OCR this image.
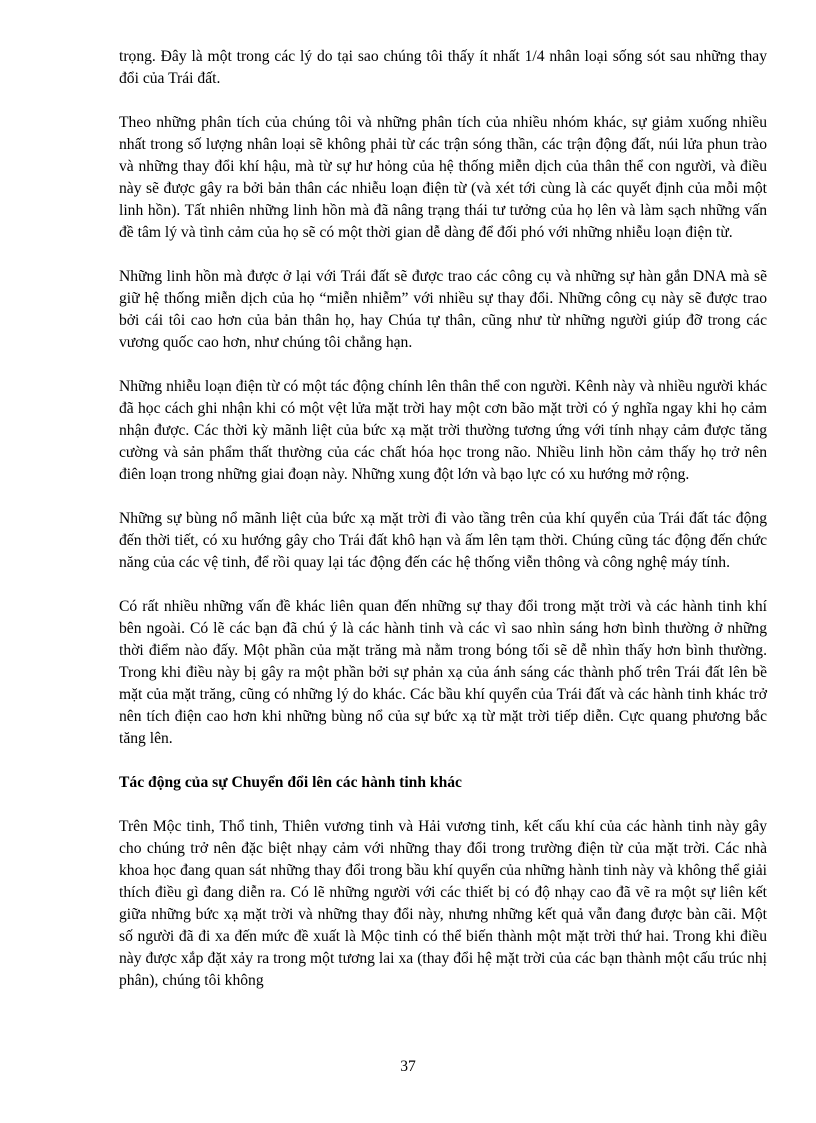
trọng. Đây là một trong các lý do tại sao chúng tôi thấy ít nhất 1/4 nhân loại sống sót sau những thay đổi của Trái đất.

Theo những phân tích của chúng tôi và những phân tích của nhiều nhóm khác, sự giảm xuống nhiều nhất trong số lượng nhân loại sẽ không phải từ các trận sóng thần, các trận động đất, núi lửa phun trào và những thay đổi khí hậu, mà từ sự hư hỏng của hệ thống miễn dịch của thân thể con người, và điều này sẽ được gây ra bởi bản thân các nhiễu loạn điện từ (và xét tới cùng là các quyết định của mỗi một linh hồn). Tất nhiên những linh hồn mà đã nâng trạng thái tư tưởng của họ lên và làm sạch những vấn đề tâm lý và tình cảm của họ sẽ có một thời gian dễ dàng để đối phó với những nhiễu loạn điện từ.

Những linh hồn mà được ở lại với Trái đất sẽ được trao các công cụ và những sự hàn gắn DNA mà sẽ giữ hệ thống miễn dịch của họ “miễn nhiễm” với nhiều sự thay đổi. Những công cụ này sẽ được trao bởi cái tôi cao hơn của bản thân họ, hay Chúa tự thân, cũng như từ những người giúp đỡ trong các vương quốc cao hơn, như chúng tôi chẳng hạn.

Những nhiễu loạn điện từ có một tác động chính lên thân thể con người. Kênh này và nhiều người khác đã học cách ghi nhận khi có một vệt lửa mặt trời hay một cơn bão mặt trời có ý nghĩa ngay khi họ cảm nhận được. Các thời kỳ mãnh liệt của bức xạ mặt trời thường tương ứng với tính nhạy cảm được tăng cường và sản phẩm thất thường của các chất hóa học trong não. Nhiều linh hồn cảm thấy họ trở nên điên loạn trong những giai đoạn này. Những xung đột lớn và bạo lực có xu hướng mở rộng.

Những sự bùng nổ mãnh liệt của bức xạ mặt trời đi vào tầng trên của khí quyển của Trái đất tác động đến thời tiết, có xu hướng gây cho Trái đất khô hạn và ấm lên tạm thời. Chúng cũng tác động đến chức năng của các vệ tinh, để rồi quay lại tác động đến các hệ thống viễn thông và công nghệ máy tính.

Có rất nhiều những vấn đề khác liên quan đến những sự thay đổi trong mặt trời và các hành tinh khí bên ngoài. Có lẽ các bạn đã chú ý là các hành tinh và các vì sao nhìn sáng hơn bình thường ở những thời điểm nào đấy. Một phần của mặt trăng mà nằm trong bóng tối sẽ dễ nhìn thấy hơn bình thường. Trong khi điều này bị gây ra một phần bởi sự phản xạ của ánh sáng các thành phố trên Trái đất lên bề mặt của mặt trăng, cũng có những lý do khác. Các bầu khí quyển của Trái đất và các hành tinh khác trở nên tích điện cao hơn khi những bùng nổ của sự bức xạ từ mặt trời tiếp diễn. Cực quang phương bắc tăng lên.

Tác động của sự Chuyển đổi lên các hành tinh khác

Trên Mộc tinh, Thổ tinh, Thiên vương tinh và Hải vương tinh, kết cấu khí của các hành tinh này gây cho chúng trở nên đặc biệt nhạy cảm với những thay đổi trong trường điện từ của mặt trời. Các nhà khoa học đang quan sát những thay đổi trong bầu khí quyển của những hành tinh này và không thể giải thích điều gì đang diễn ra. Có lẽ những người với các thiết bị có độ nhạy cao đã vẽ ra một sự liên kết giữa những bức xạ mặt trời và những thay đổi này, nhưng những kết quả vẫn đang được bàn cãi. Một số người đã đi xa đến mức đề xuất là Mộc tinh có thể biến thành một mặt trời thứ hai. Trong khi điều này được xắp đặt xảy ra trong một tương lai xa (thay đổi hệ mặt trời của các bạn thành một cấu trúc nhị phân), chúng tôi không

37
